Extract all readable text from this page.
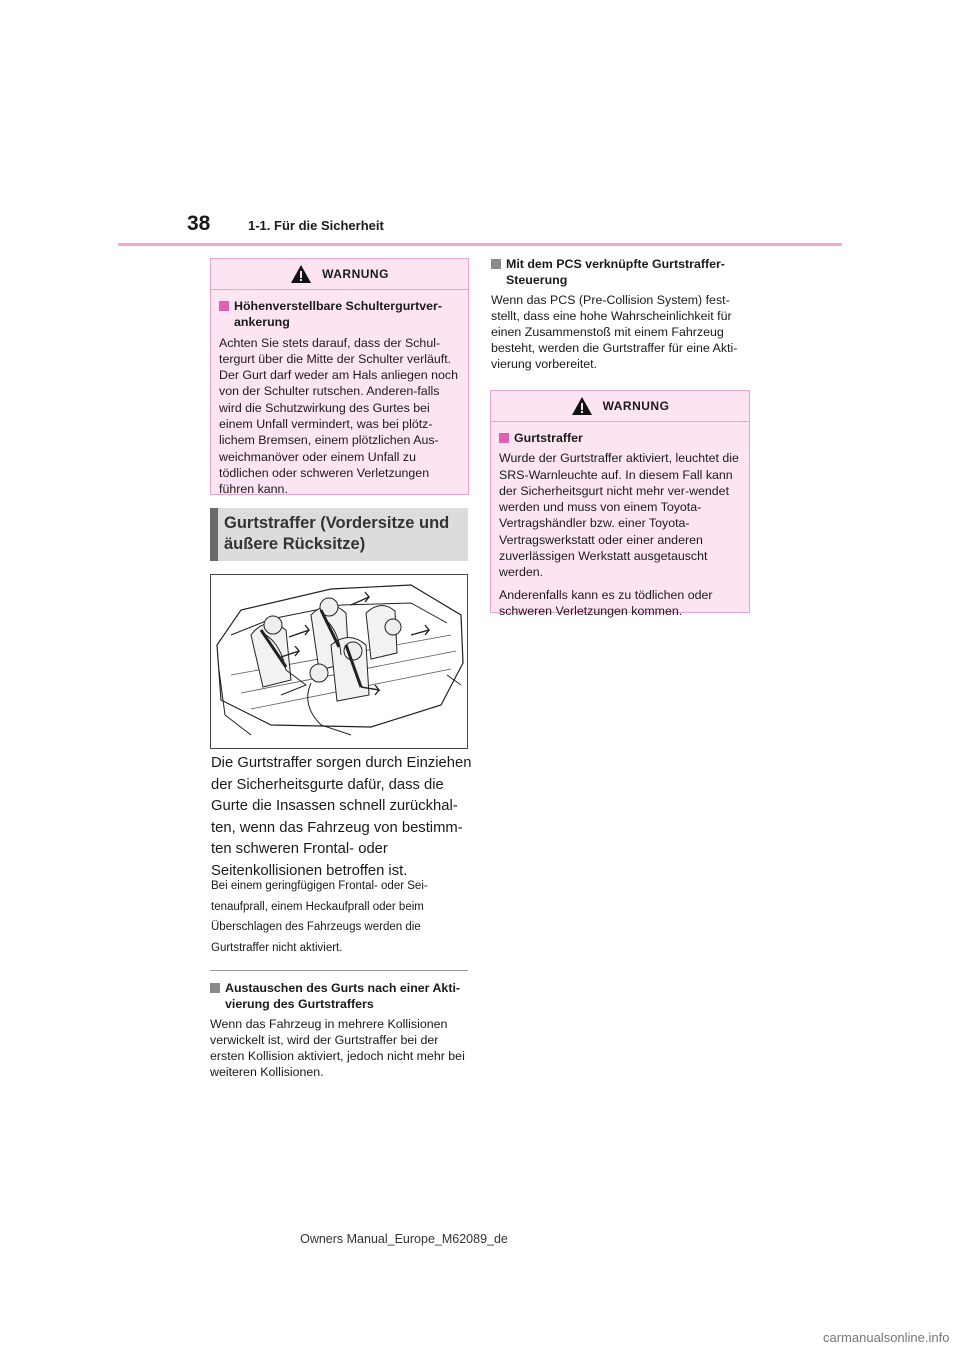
38	1-1. Für die Sicherheit
WARNUNG
Höhenverstellbare Schultergurtver-ankerung

Achten Sie stets darauf, dass der Schul-tergurt über die Mitte der Schulter verläuft. Der Gurt darf weder am Hals anliegen noch von der Schulter rutschen. Anderen-falls wird die Schutzwirkung des Gurtes bei einem Unfall vermindert, was bei plötz-lichem Bremsen, einem plötzlichen Aus-weichmanöver oder einem Unfall zu tödlichen oder schweren Verletzungen führen kann.

Gurtstraffer (Vordersitze und äußere Rücksitze)
Die Gurtstraffer sorgen durch Einziehen der Sicherheitsgurte dafür, dass die Gurte die Insassen schnell zurückhal-ten, wenn das Fahrzeug von bestimm-ten schweren Frontal- oder Seitenkollisionen betroffen ist.
Bei einem geringfügigen Frontal- oder Sei-tenaufprall, einem Heckaufprall oder beim Überschlagen des Fahrzeugs werden die Gurtstraffer nicht aktiviert.
Austauschen des Gurts nach einer Akti-vierung des Gurtstraffers
Wenn das Fahrzeug in mehrere Kollisionen verwickelt ist, wird der Gurtstraffer bei der ersten Kollision aktiviert, jedoch nicht mehr bei weiteren Kollisionen.
Mit dem PCS verknüpfte Gurtstraffer-Steuerung
Wenn das PCS (Pre-Collision System) fest-stellt, dass eine hohe Wahrscheinlichkeit für einen Zusammenstoß mit einem Fahrzeug besteht, werden die Gurtstraffer für eine Akti-vierung vorbereitet.
WARNUNG
Gurtstraffer

Wurde der Gurtstraffer aktiviert, leuchtet die SRS-Warnleuchte auf. In diesem Fall kann der Sicherheitsgurt nicht mehr ver-wendet werden und muss von einem Toyota-Vertragshändler bzw. einer Toyota-Vertragswerkstatt oder einer anderen zuverlässigen Werkstatt ausgetauscht werden.

Anderenfalls kann es zu tödlichen oder schweren Verletzungen kommen.

Owners Manual_Europe_M62089_de
carmanualsonline.info
